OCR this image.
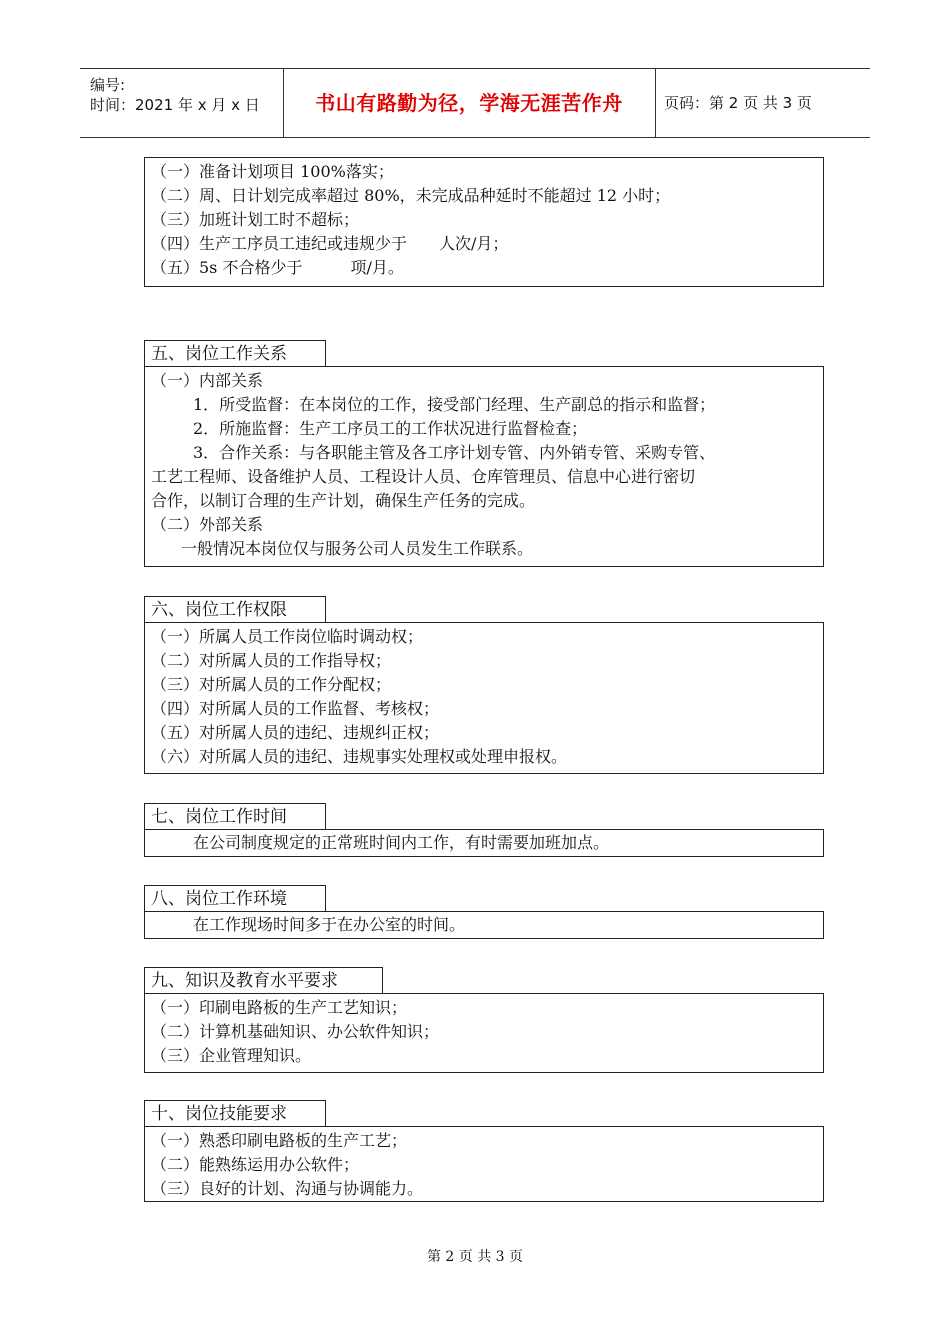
编号:
时间：2021 年 x 月 x 日	书山有路勤为径，学海无涯苦作舟	页码：第 2 页 共 3 页
（一）准备计划项目 100%落实；
（二）周、日计划完成率超过 80%，未完成品种延时不能超过 12 小时；
（三）加班计划工时不超标；
（四）生产工序员工违纪或违规少于　　人次/月；
（五）5s 不合格少于　　　项/月。
五、岗位工作关系
（一）内部关系
1．所受监督：在本岗位的工作，接受部门经理、生产副总的指示和监督；
2．所施监督：生产工序员工的工作状况进行监督检查；
3．合作关系：与各职能主管及各工序计划专管、内外销专管、采购专管、
工艺工程师、设备维护人员、工程设计人员、仓库管理员、信息中心进行密切
合作，以制订合理的生产计划，确保生产任务的完成。
（二）外部关系
一般情况本岗位仅与服务公司人员发生工作联系。
六、岗位工作权限
（一）所属人员工作岗位临时调动权；
（二）对所属人员的工作指导权；
（三）对所属人员的工作分配权；
（四）对所属人员的工作监督、考核权；
（五）对所属人员的违纪、违规纠正权；
（六）对所属人员的违纪、违规事实处理权或处理申报权。
七、岗位工作时间
在公司制度规定的正常班时间内工作，有时需要加班加点。
八、岗位工作环境
在工作现场时间多于在办公室的时间。
九、知识及教育水平要求
（一）印刷电路板的生产工艺知识；
（二）计算机基础知识、办公软件知识；
（三）企业管理知识。
十、岗位技能要求
（一）熟悉印刷电路板的生产工艺；
（二）能熟练运用办公软件；
（三）良好的计划、沟通与协调能力。
第 2 页 共 3 页
